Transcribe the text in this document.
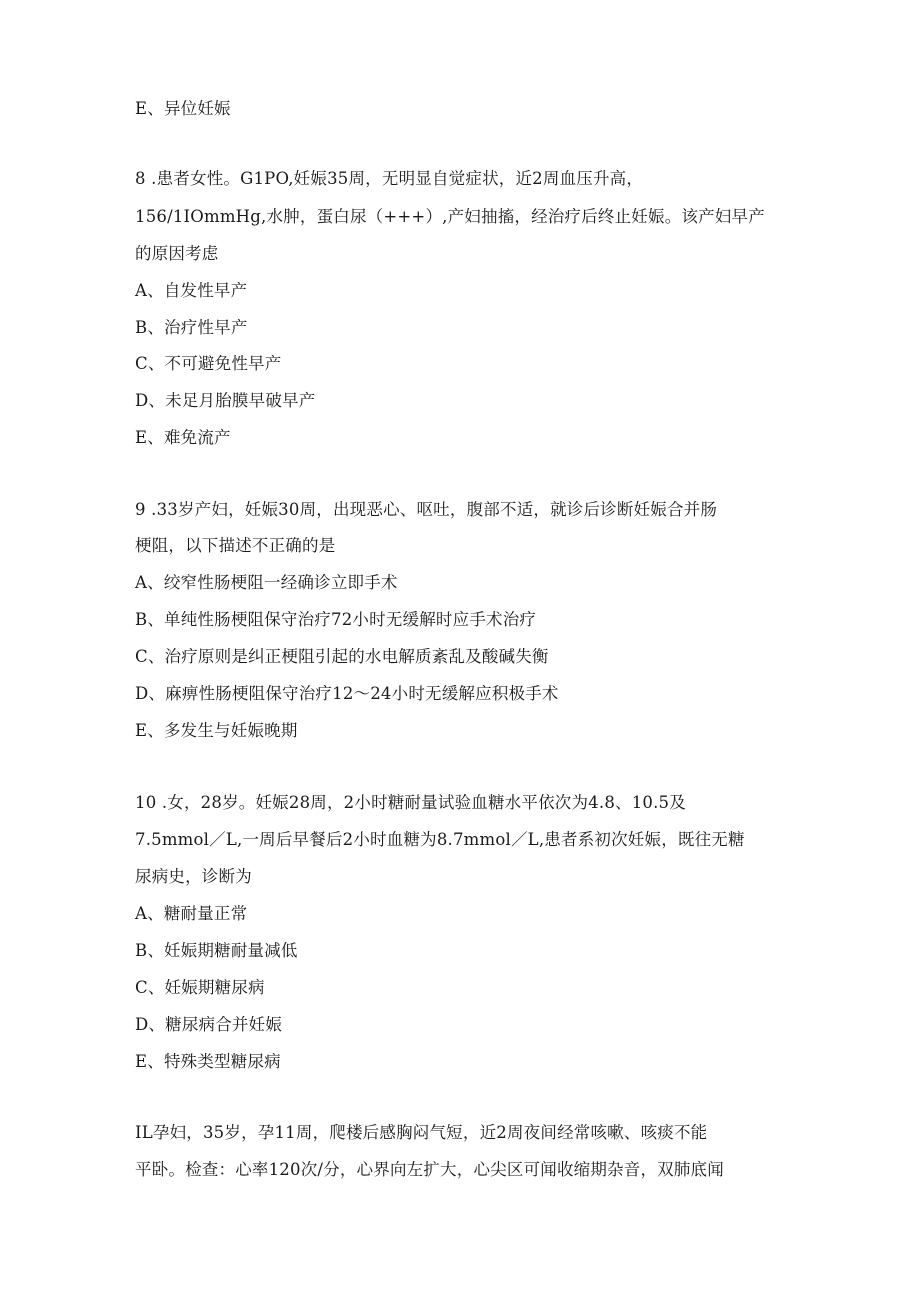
E、异位妊娠
8 .患者女性。G1PO,妊娠35周，无明显自觉症状，近2周血压升高，
156/1IOmmHg,水肿，蛋白尿（+++）,产妇抽搐，经治疗后终止妊娠。该产妇早产
的原因考虑
A、自发性早产
B、治疗性早产
C、不可避免性早产
D、未足月胎膜早破早产
E、难免流产
9 .33岁产妇，妊娠30周，出现恶心、呕吐，腹部不适，就诊后诊断妊娠合并肠
梗阻，以下描述不正确的是
A、绞窄性肠梗阻一经确诊立即手术
B、单纯性肠梗阻保守治疗72小时无缓解时应手术治疗
C、治疗原则是纠正梗阻引起的水电解质紊乱及酸碱失衡
D、麻痹性肠梗阻保守治疗12～24小时无缓解应积极手术
E、多发生与妊娠晚期
10 .女，28岁。妊娠28周，2小时糖耐量试验血糖水平依次为4.8、10.5及
7.5mmol／L,一周后早餐后2小时血糖为8.7mmol／L,患者系初次妊娠，既往无糖
尿病史，诊断为
A、糖耐量正常
B、妊娠期糖耐量减低
C、妊娠期糖尿病
D、糖尿病合并妊娠
E、特殊类型糖尿病
IL孕妇，35岁，孕11周，爬楼后感胸闷气短，近2周夜间经常咳嗽、咳痰不能
平卧。检查：心率120次/分，心界向左扩大，心尖区可闻收缩期杂音，双肺底闻
